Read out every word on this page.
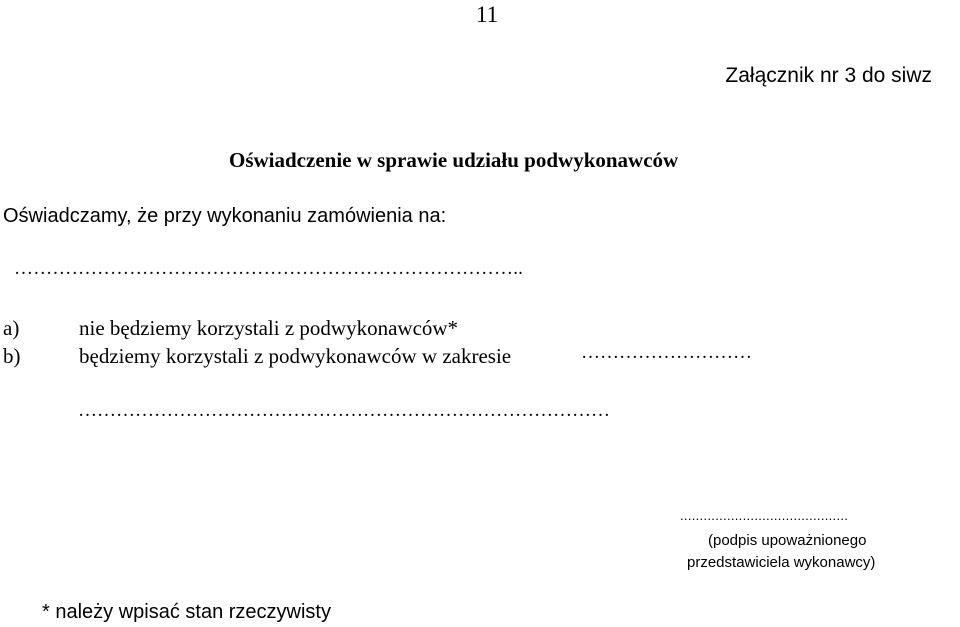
11
Załącznik nr 3 do siwz
Oświadczenie w sprawie udziału podwykonawców
Oświadczamy, że przy wykonaniu zamówienia na:
……………………………………………………………………..
a)	nie będziemy korzystali z podwykonawców*
b)	będziemy korzystali z podwykonawców w zakresie	………………………
…………………………………………………………………………
...........................................
(podpis upoważnionego
przedstawiciela wykonawcy)
* należy wpisać stan rzeczywisty
